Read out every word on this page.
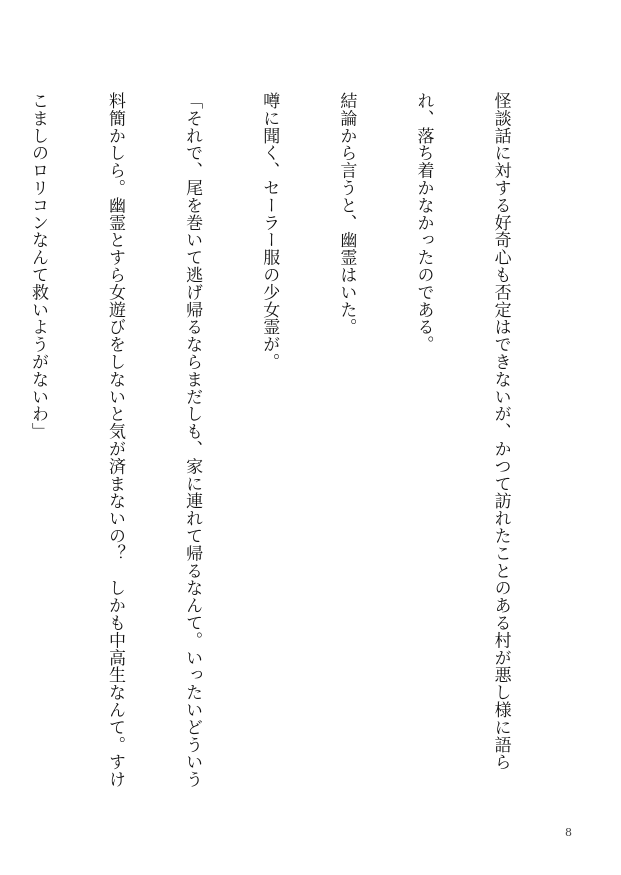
怪談話に対する好奇心も否定はできないが、かつて訪れたことのある村が悪し様に語ら

れ、落ち着かなかったのである。

結論から言うと、幽霊はいた。

噂に聞く、セーラー服の少女霊が。

「それで、尾を巻いて逃げ帰るならまだしも、家に連れて帰るなんて。いったいどういう

料簡かしら。幽霊とすら女遊びをしないと気が済まないの？　しかも中高生なんて。すけ

こましのロリコンなんて救いようがないわ」

8
